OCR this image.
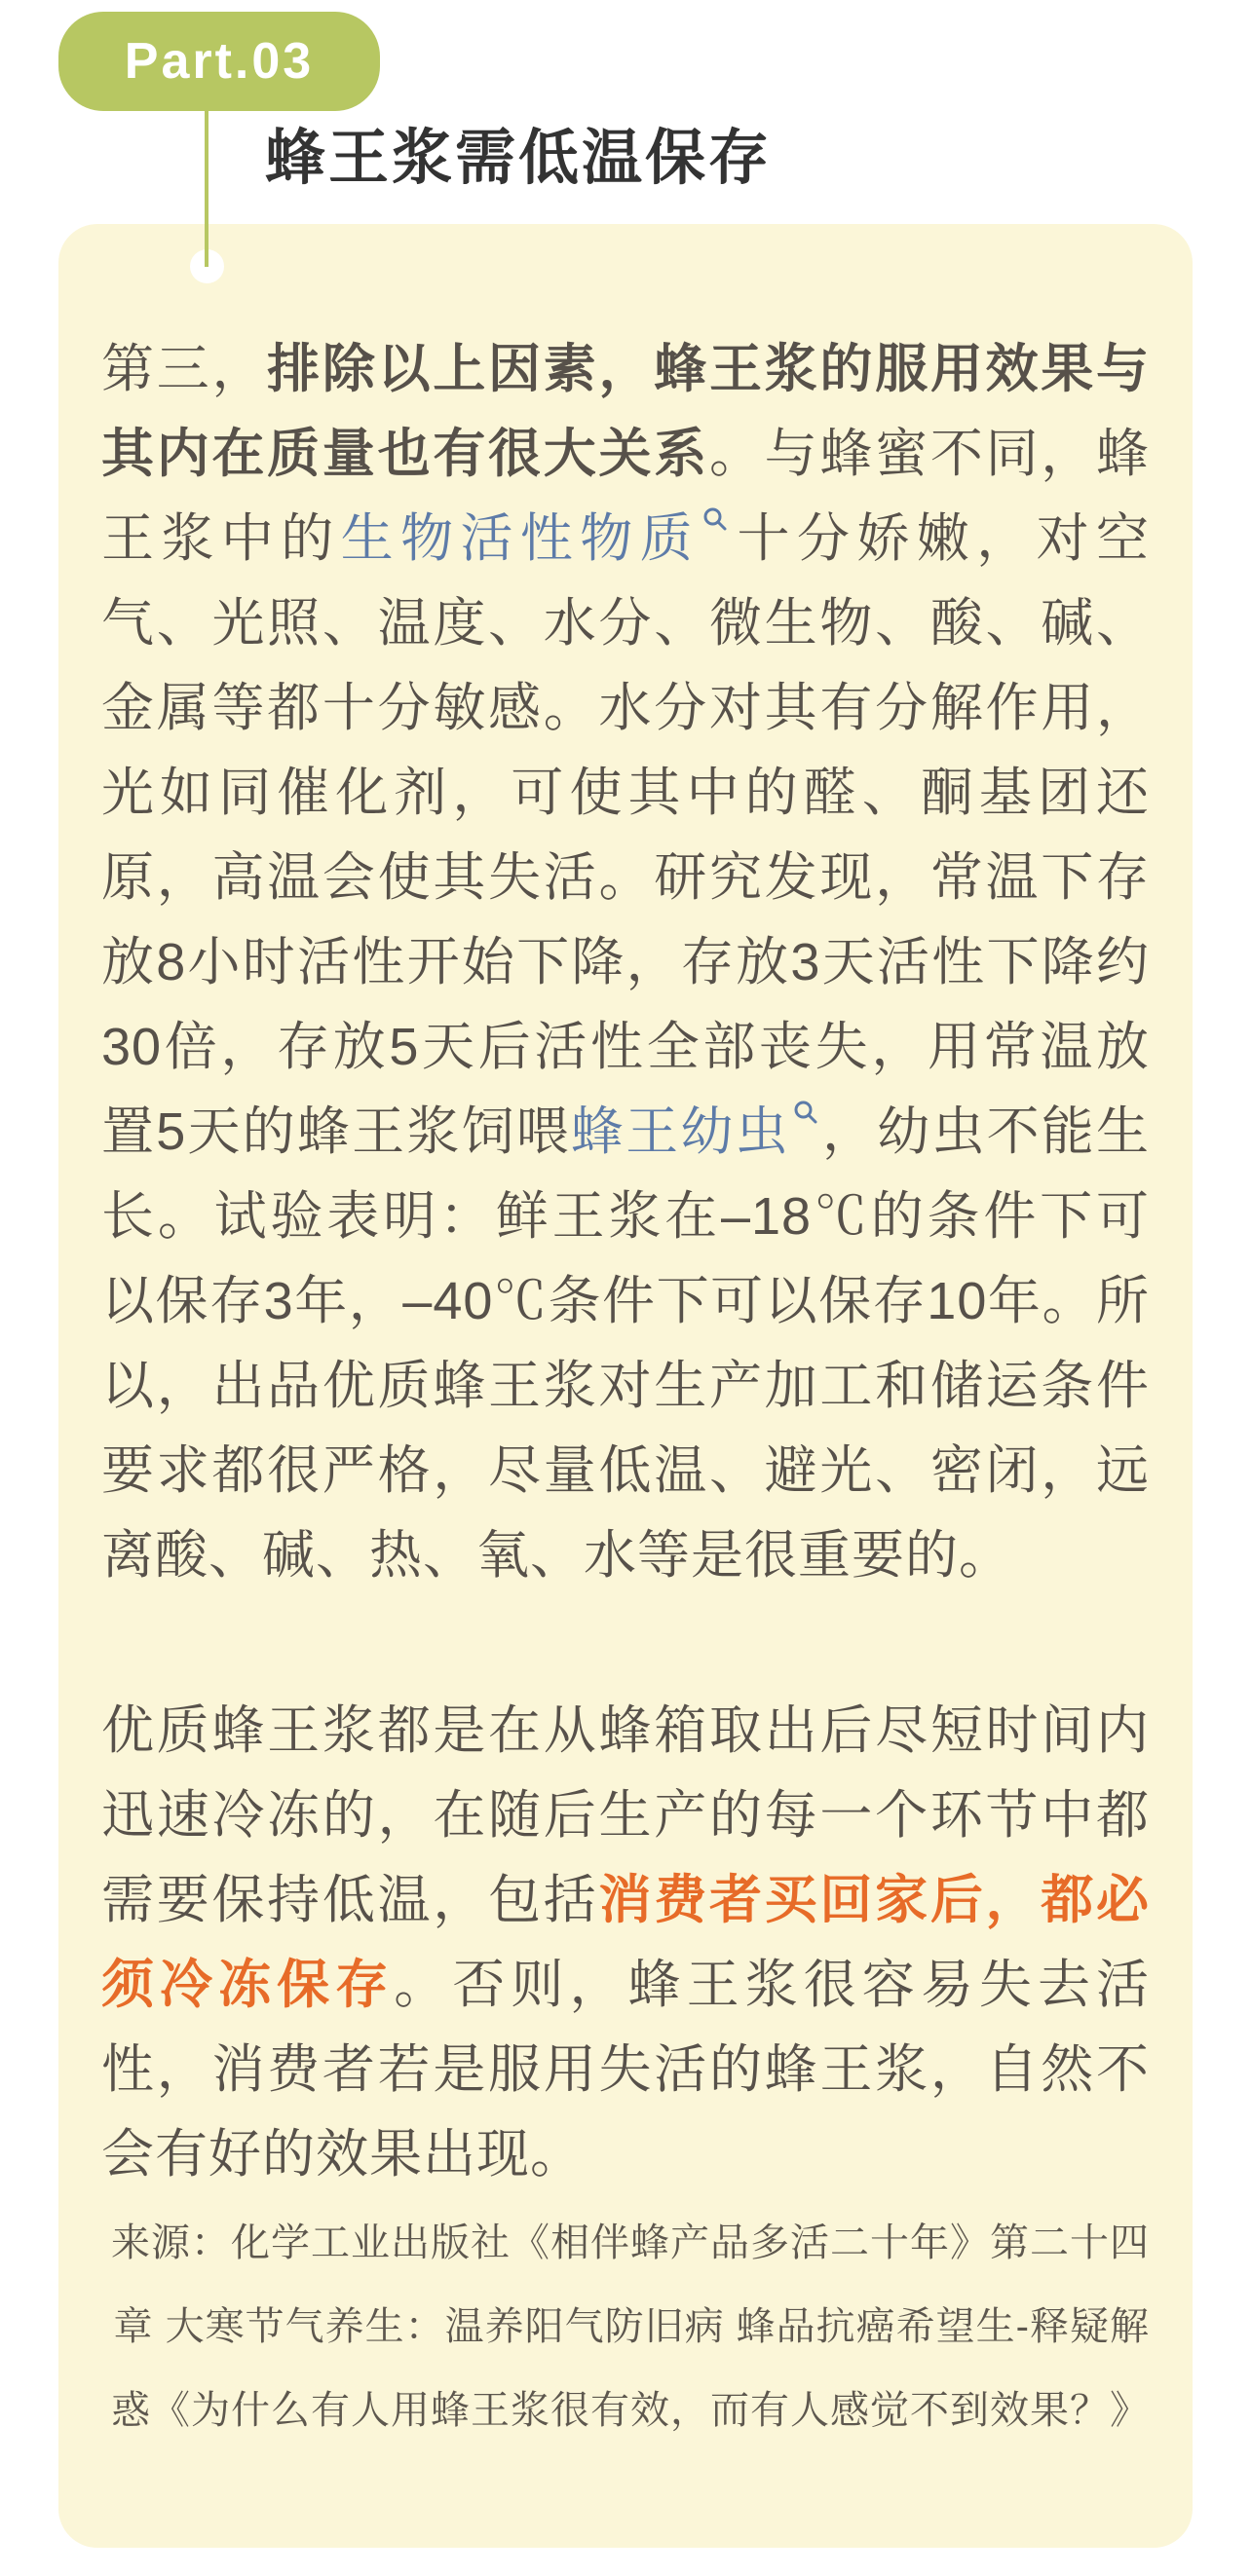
Part.03
蜂王浆需低温保存

第三，排除以上因素，蜂王浆的服用效果与其内在质量也有很大关系。与蜂蜜不同，蜂王浆中的生物活性物质 十分娇嫩，对空气、光照、温度、水分、微生物、酸、碱、金属等都十分敏感。水分对其有分解作用，光如同催化剂，可使其中的醛、酮基团还原，高温会使其失活。研究发现，常温下存放8小时活性开始下降，存放3天活性下降约30倍，存放5天后活性全部丧失，用常温放置5天的蜂王浆饲喂蜂王幼虫 ，幼虫不能生长。试验表明：鲜王浆在–18℃的条件下可以保存3年，–40℃条件下可以保存10年。所以，出品优质蜂王浆对生产加工和储运条件要求都很严格，尽量低温、避光、密闭，远离酸、碱、热、氧、水等是很重要的。

优质蜂王浆都是在从蜂箱取出后尽短时间内迅速冷冻的，在随后生产的每一个环节中都需要保持低温，包括消费者买回家后，都必须冷冻保存。否则，蜂王浆很容易失去活性，消费者若是服用失活的蜂王浆，自然不会有好的效果出现。

来源：化学工业出版社《相伴蜂产品多活二十年》第二十四章 大寒节气养生：温养阳气防旧病 蜂品抗癌希望生-释疑解惑《为什么有人用蜂王浆很有效，而有人感觉不到效果？》
